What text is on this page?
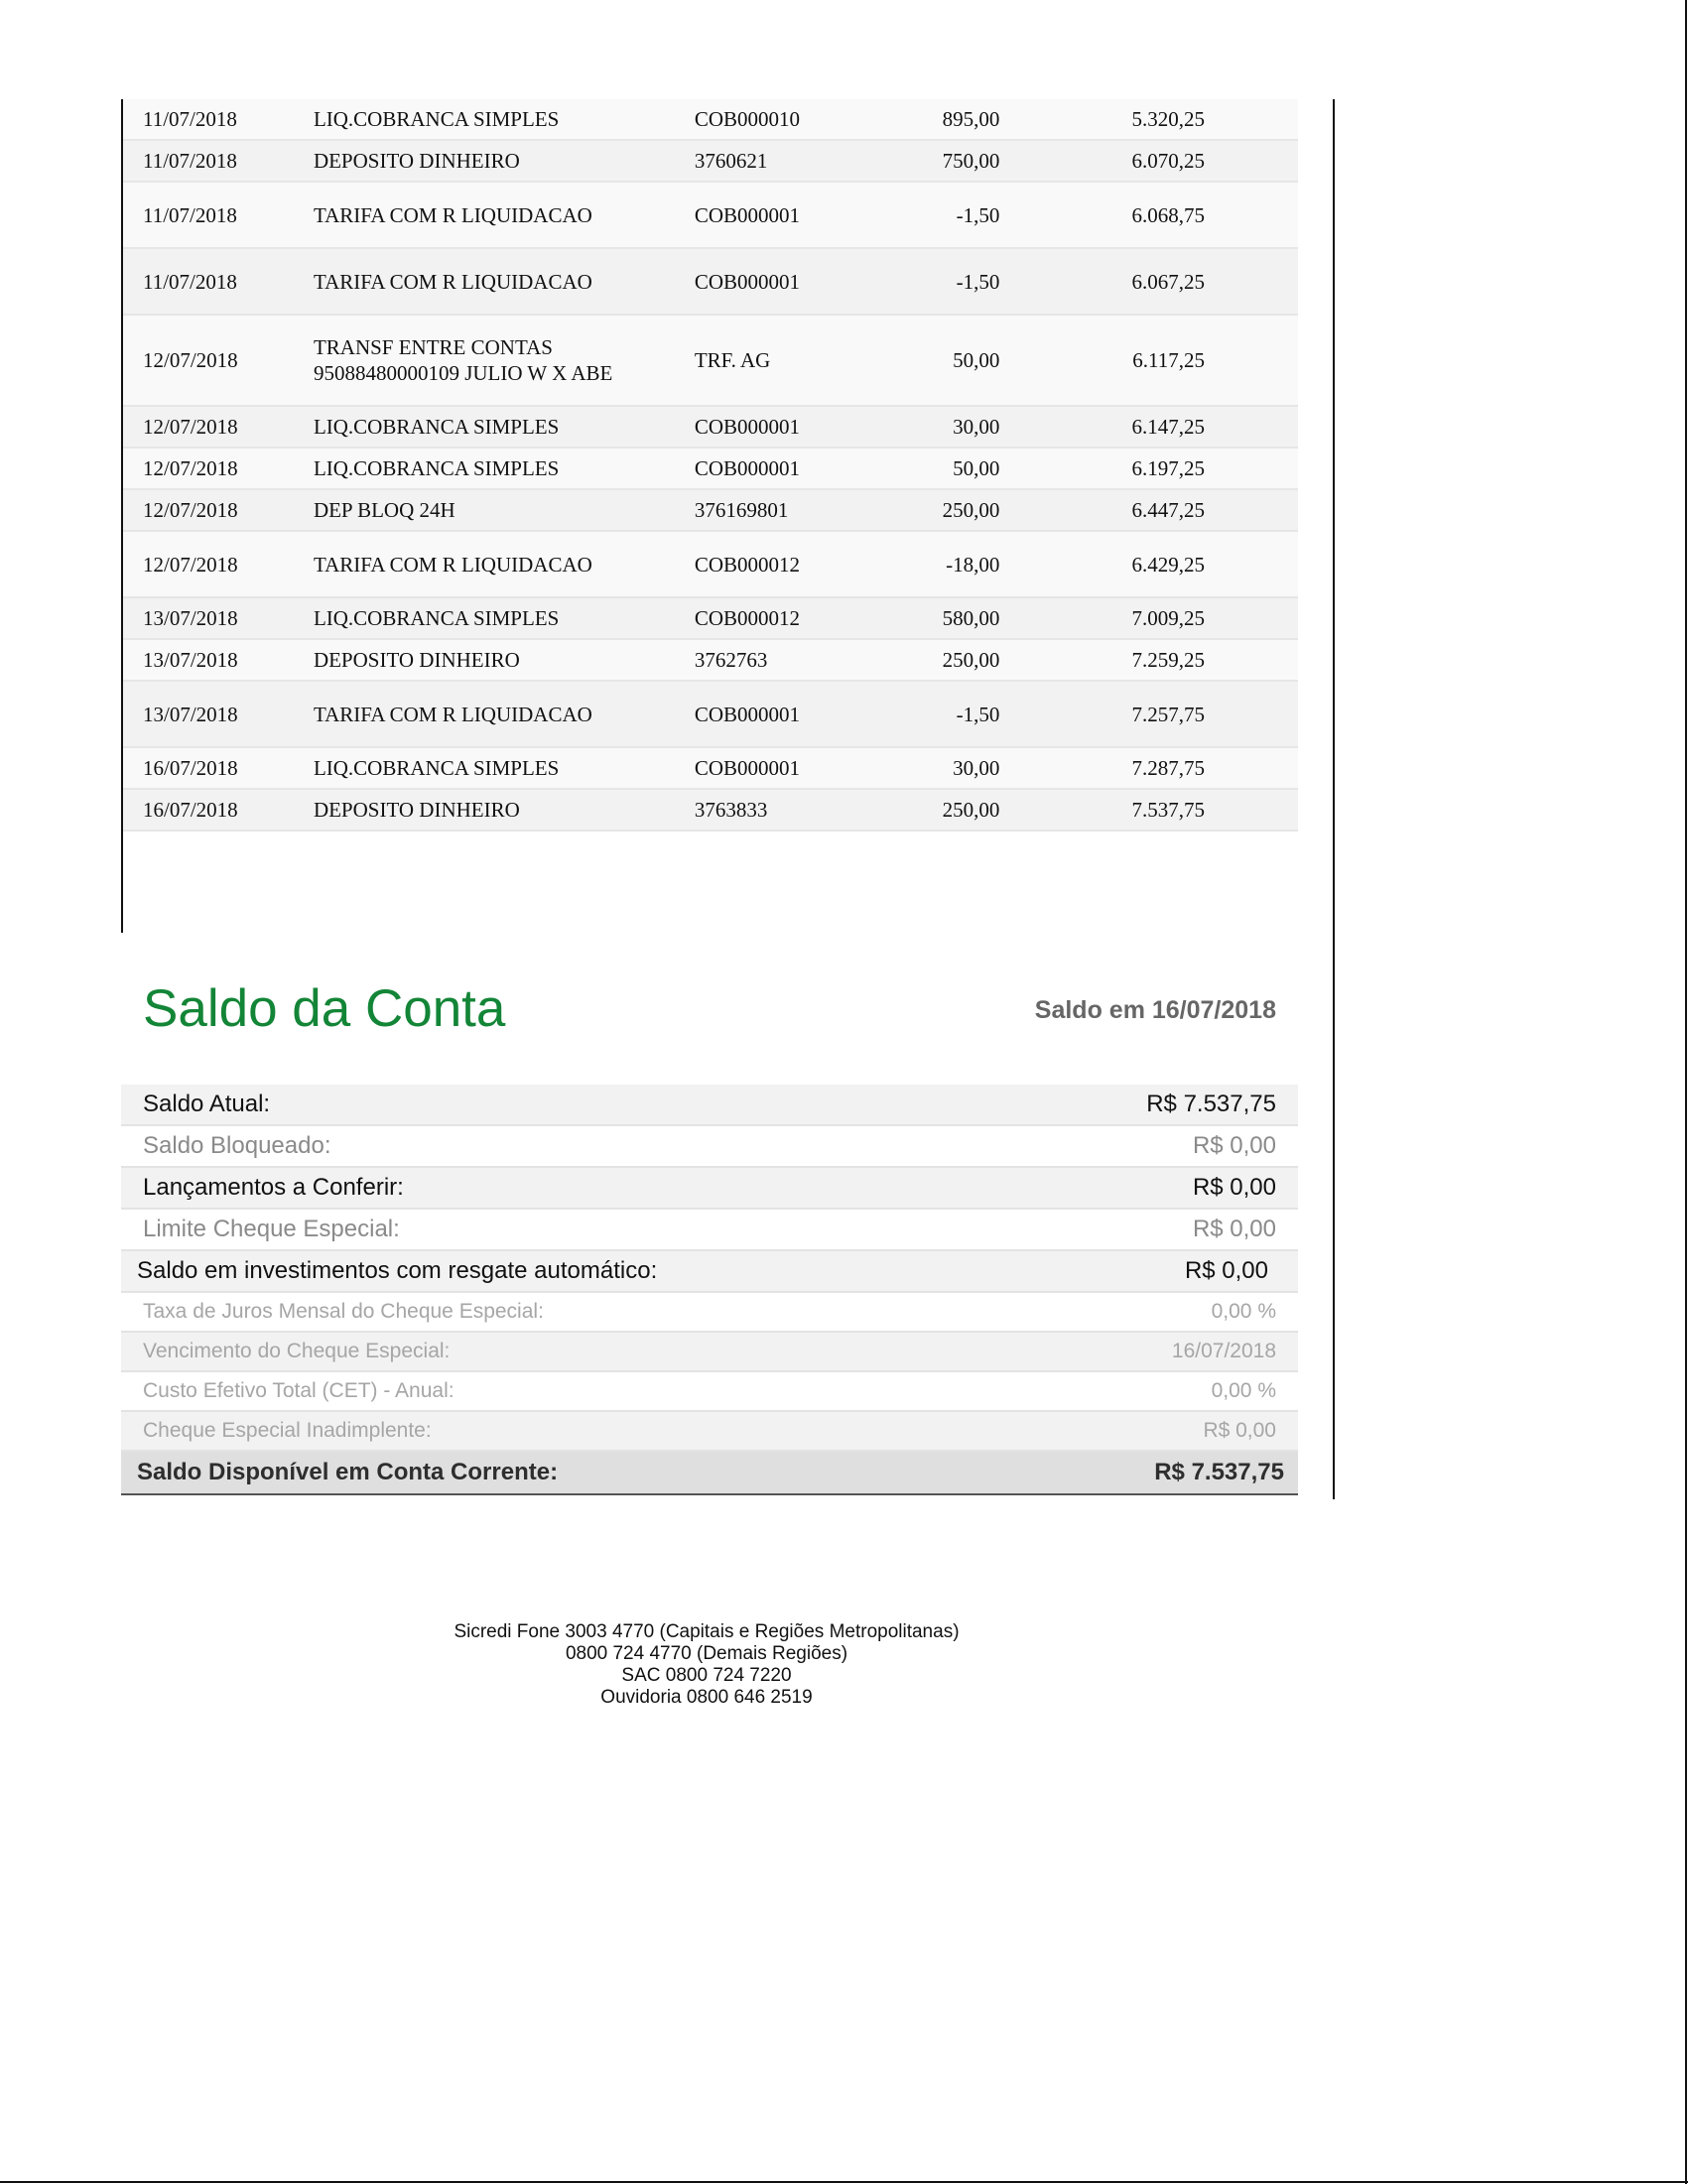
11/07/2018	LIQ.COBRANCA SIMPLES	COB000010	895,00		5.320,25
11/07/2018	DEPOSITO DINHEIRO	3760621	750,00		6.070,25
11/07/2018	TARIFA COM R LIQUIDACAO	COB000001	-1,50		6.068,75
11/07/2018	TARIFA COM R LIQUIDACAO	COB000001	-1,50		6.067,25
12/07/2018	TRANSF ENTRE CONTAS 95088480000109 JULIO W X ABE	TRF. AG	50,00		6.117,25
12/07/2018	LIQ.COBRANCA SIMPLES	COB000001	30,00		6.147,25
12/07/2018	LIQ.COBRANCA SIMPLES	COB000001	50,00		6.197,25
12/07/2018	DEP BLOQ 24H	376169801	250,00		6.447,25
12/07/2018	TARIFA COM R LIQUIDACAO	COB000012	-18,00		6.429,25
13/07/2018	LIQ.COBRANCA SIMPLES	COB000012	580,00		7.009,25
13/07/2018	DEPOSITO DINHEIRO	3762763	250,00		7.259,25
13/07/2018	TARIFA COM R LIQUIDACAO	COB000001	-1,50		7.257,75
16/07/2018	LIQ.COBRANCA SIMPLES	COB000001	30,00		7.287,75
16/07/2018	DEPOSITO DINHEIRO	3763833	250,00		7.537,75
Saldo da Conta	Saldo em 16/07/2018
Saldo Atual:	R$ 7.537,75
Saldo Bloqueado:	R$ 0,00
Lançamentos a Conferir:	R$ 0,00
Limite Cheque Especial:	R$ 0,00
Saldo em investimentos com resgate automático:	R$ 0,00
Taxa de Juros Mensal do Cheque Especial:	0,00 %
Vencimento do Cheque Especial:	16/07/2018
Custo Efetivo Total (CET) - Anual:	0,00 %
Cheque Especial Inadimplente:	R$ 0,00
Saldo Disponível em Conta Corrente:	R$ 7.537,75
Sicredi Fone 3003 4770 (Capitais e Regiões Metropolitanas)
0800 724 4770 (Demais Regiões)
SAC 0800 724 7220
Ouvidoria 0800 646 2519
